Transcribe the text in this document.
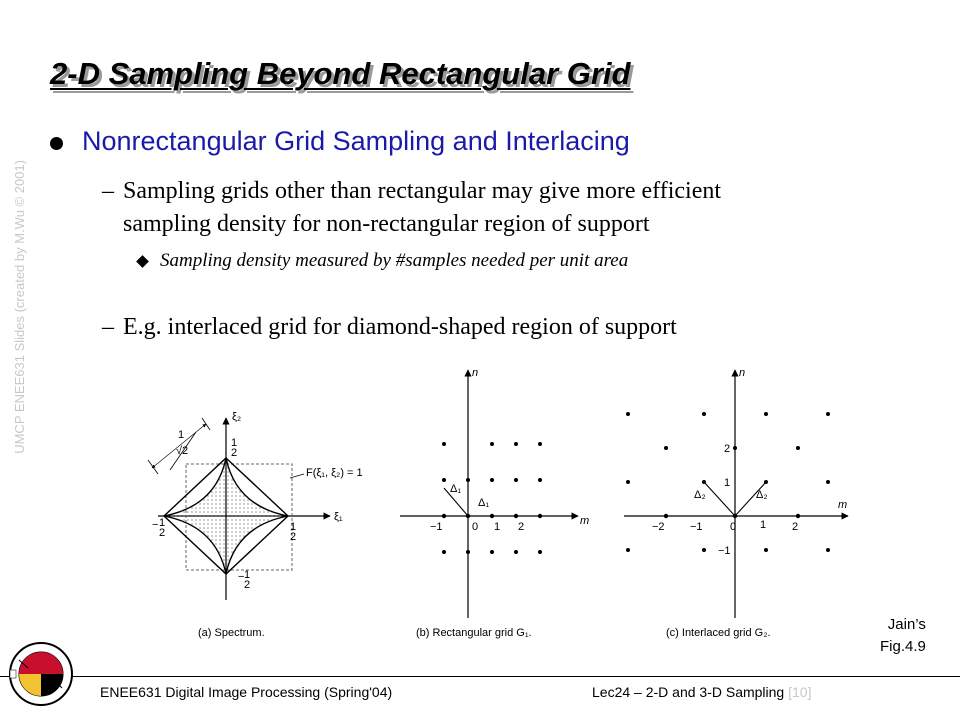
2-D Sampling Beyond Rectangular Grid
Nonrectangular Grid Sampling and Interlacing
– Sampling grids other than rectangular may give more efficient
sampling density for non-rectangular region of support
Sampling density measured by #samples needed per unit area
– E.g. interlaced grid for diamond-shaped region of support
UMCP ENEE631 Slides (created by M.Wu © 2001)	ξ₂
ξ₁
1
√2
F(ξ₁, ξ₂) = 1
1
2
− 1
2	1
2
− 1
2
(a) Spectrum.
n
m
Δ₁
Δ₁
−1	0 1 2
(b) Rectangular grid G₁.
n
m
2
1
−1
Δ₂	Δ₂
−2 −1 0 1 2
(c) Interlaced grid G₂.	Jain’s
Fig.4.9
ENEE631 Digital Image Processing (Spring'04)	Lec24 – 2-D and 3-D Sampling [10]
